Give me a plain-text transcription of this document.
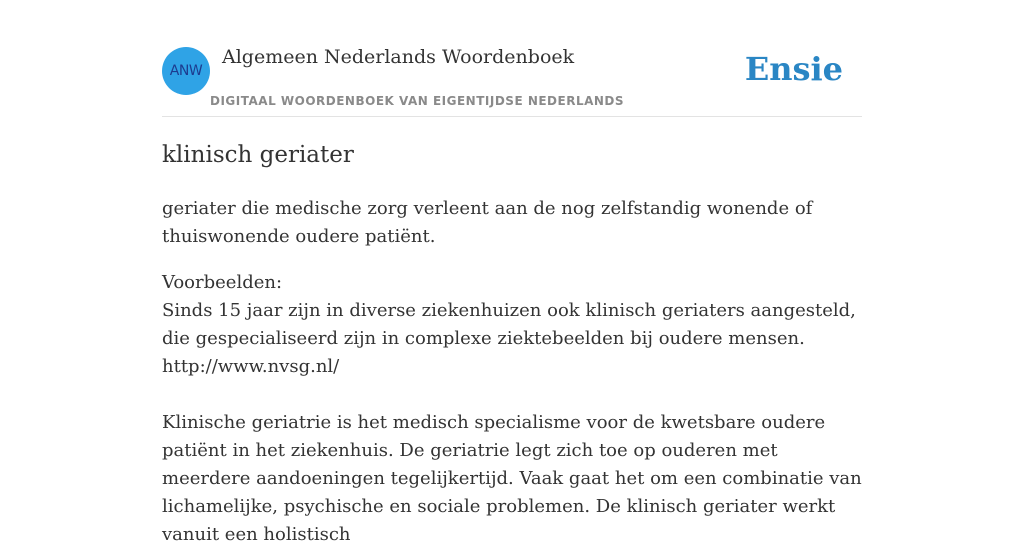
ANW
Algemeen Nederlands Woordenboek
DIGITAAL WOORDENBOEK VAN EIGENTIJDSE NEDERLANDS
Ensie
klinisch geriater

geriater die medische zorg verleent aan de nog zelfstandig wonende of thuiswonende oudere patiënt.

Voorbeelden:

Sinds 15 jaar zijn in diverse ziekenhuizen ook klinisch geriaters aangesteld, die gespecialiseerd zijn in complexe ziektebeelden bij oudere mensen.

http://www.nvsg.nl/

Klinische geriatrie is het medisch specialisme voor de kwetsbare oudere patiënt in het ziekenhuis. De geriatrie legt zich toe op ouderen met meerdere aandoeningen tegelijkertijd. Vaak gaat het om een combinatie van lichamelijke, psychische en sociale problemen. De klinisch geriater werkt vanuit een holistisch
